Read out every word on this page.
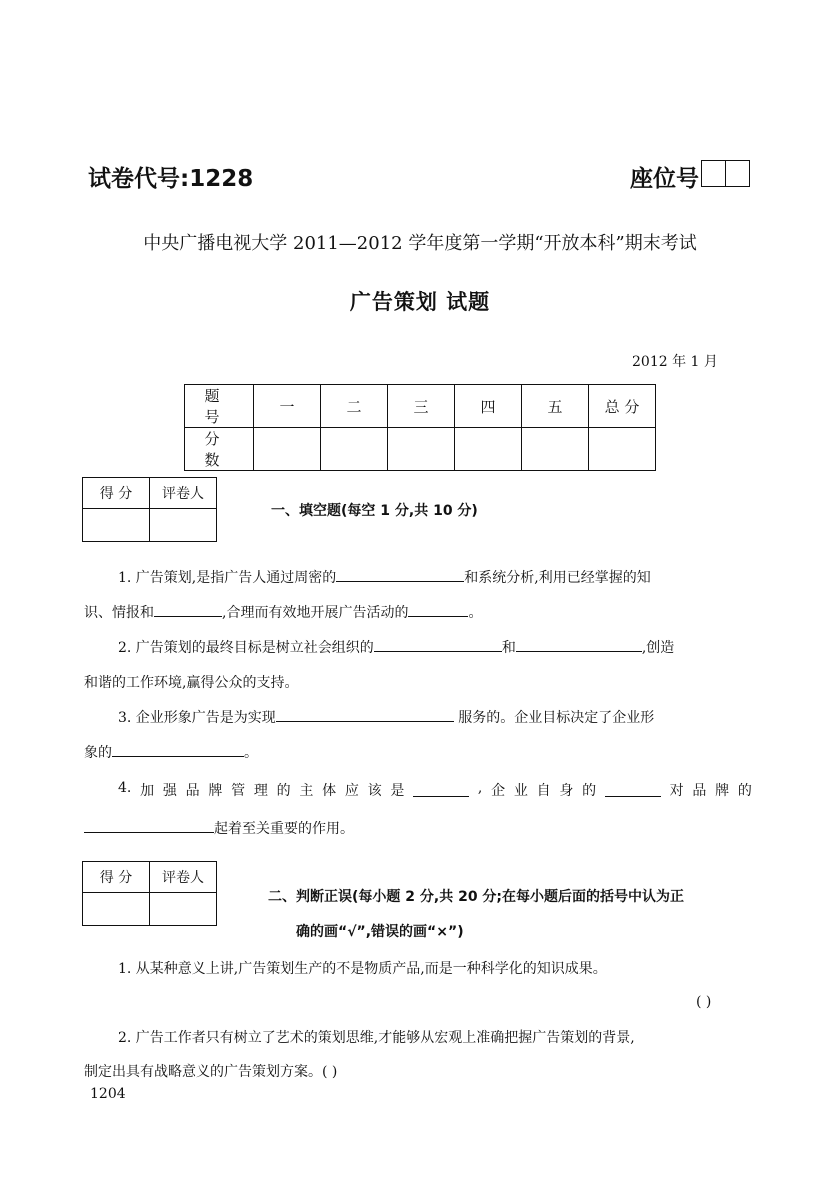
试卷代号:1228	座位号
中央广播电视大学 2011—2012 学年度第一学期“开放本科”期末考试
广告策划 试题
2012 年 1 月
题 号	一	二	三	四	五	总 分
分 数						
得 分	评卷人

一、填空题(每空 1 分,共 10 分)
1. 广告策划,是指广告人通过周密的	和系统分析,利用已经掌握的知
识、情报和	,合理而有效地开展广告活动的	。
2. 广告策划的最终目标是树立社会组织的	和	,创造
和谐的工作环境,赢得公众的支持。
3. 企业形象广告是为实现	服务的。企业目标决定了企业形
象的	。
4. 加 强 品 牌 管 理 的 主 体 应 该 是	, 企 业 自 身 的	对 品 牌 的
起着至关重要的作用。
得 分	评卷人

二、判断正误(每小题 2 分,共 20 分;在每小题后面的括号中认为正
确的画“√”,错误的画“×”)
1. 从某种意义上讲,广告策划生产的不是物质产品,而是一种科学化的知识成果。
( )
2. 广告工作者只有树立了艺术的策划思维,才能够从宏观上准确把握广告策划的背景,
制定出具有战略意义的广告策划方案。( )
1204
